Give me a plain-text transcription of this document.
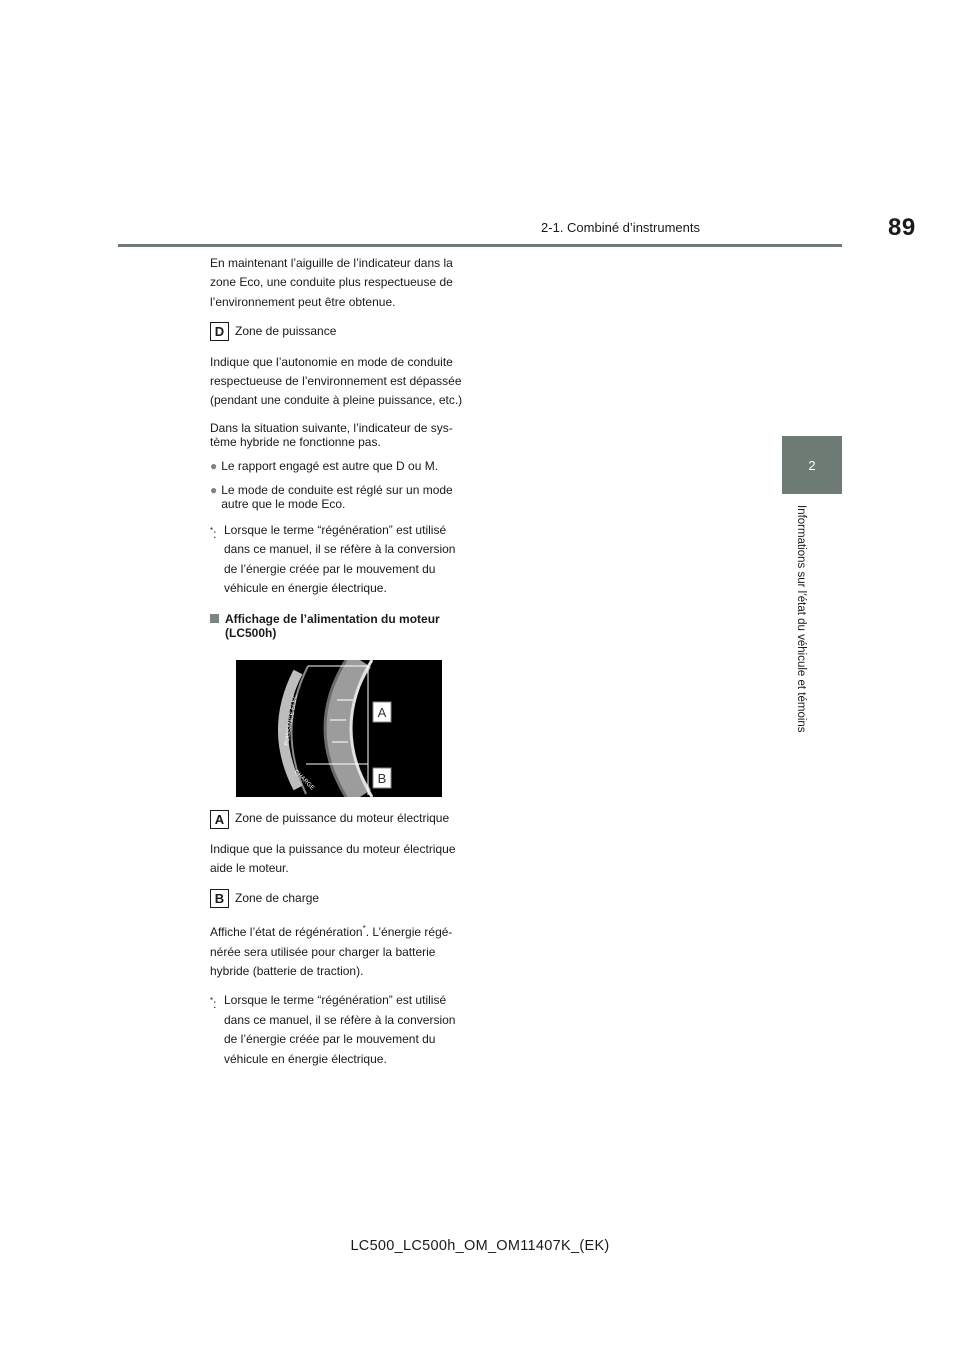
89
2-1. Combiné d’instruments
2
Informations sur l’état du véhicule et témoins

En maintenant l’aiguille de l’indicateur dans la zone Eco, une conduite plus respectueuse de l’environnement peut être obtenue.

D Zone de puissance

Indique que l’autonomie en mode de conduite respectueuse de l’environnement est dépassée (pendant une conduite à pleine puissance, etc.)

Dans la situation suivante, l’indicateur de sys-tème hybride ne fonctionne pas.

● Le rapport engagé est autre que D ou M.
● Le mode de conduite est réglé sur un mode autre que le mode Eco.
*: Lorsque le terme “régénération” est utilisé dans ce manuel, il se réfère à la conversion de l’énergie créée par le mouvement du véhicule en énergie électrique.
Affichage de l’alimentation du moteur (LC500h)
PUISSANCE ELEC
CHARGE
A
B
A Zone de puissance du moteur électrique

Indique que la puissance du moteur électrique aide le moteur.

B Zone de charge

Affiche l’état de régénération*. L’énergie régé-nérée sera utilisée pour charger la batterie hybride (batterie de traction).

*: Lorsque le terme “régénération” est utilisé dans ce manuel, il se réfère à la conversion de l’énergie créée par le mouvement du véhicule en énergie électrique.
LC500_LC500h_OM_OM11407K_(EK)
